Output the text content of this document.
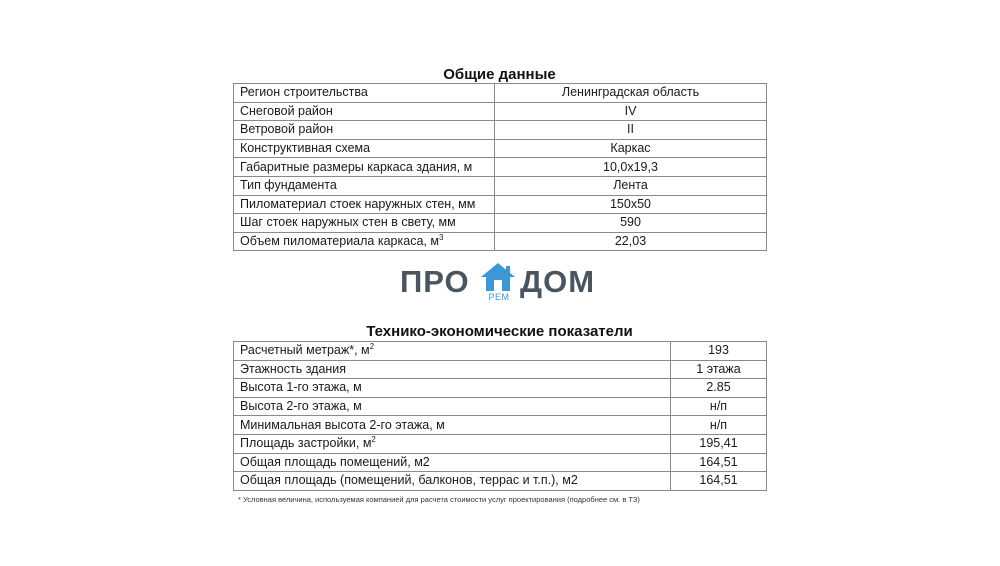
Общие данные
Регион строительства	Ленинградская область
Снеговой район	IV
Ветровой район	II
Конструктивная схема	Каркас
Габаритные размеры каркаса здания, м	10,0х19,3
Тип фундамента	Лента
Пиломатериал стоек наружных стен, мм	150х50
Шаг стоек наружных стен в свету, мм	590
Объем пиломатериала каркаса, $м^3$	22,03
ПРО	РЕМ ДОМ
Технико-экономические показатели
Расчетный метраж*, $м^2$	193
Этажность здания	1 этажа
Высота 1-го этажа, м	2.85
Высота 2-го этажа, м	н/п
Минимальная высота 2-го этажа, м	н/п
Площадь застройки, $м^2$	195,41
Общая площадь помещений, м2	164,51
Общая площадь (помещений, балконов, террас и т.п.), м2	164,51
* Условная величина, используемая компанией для расчета стоимости услуг проектирования (подробнее см. в ТЗ)
